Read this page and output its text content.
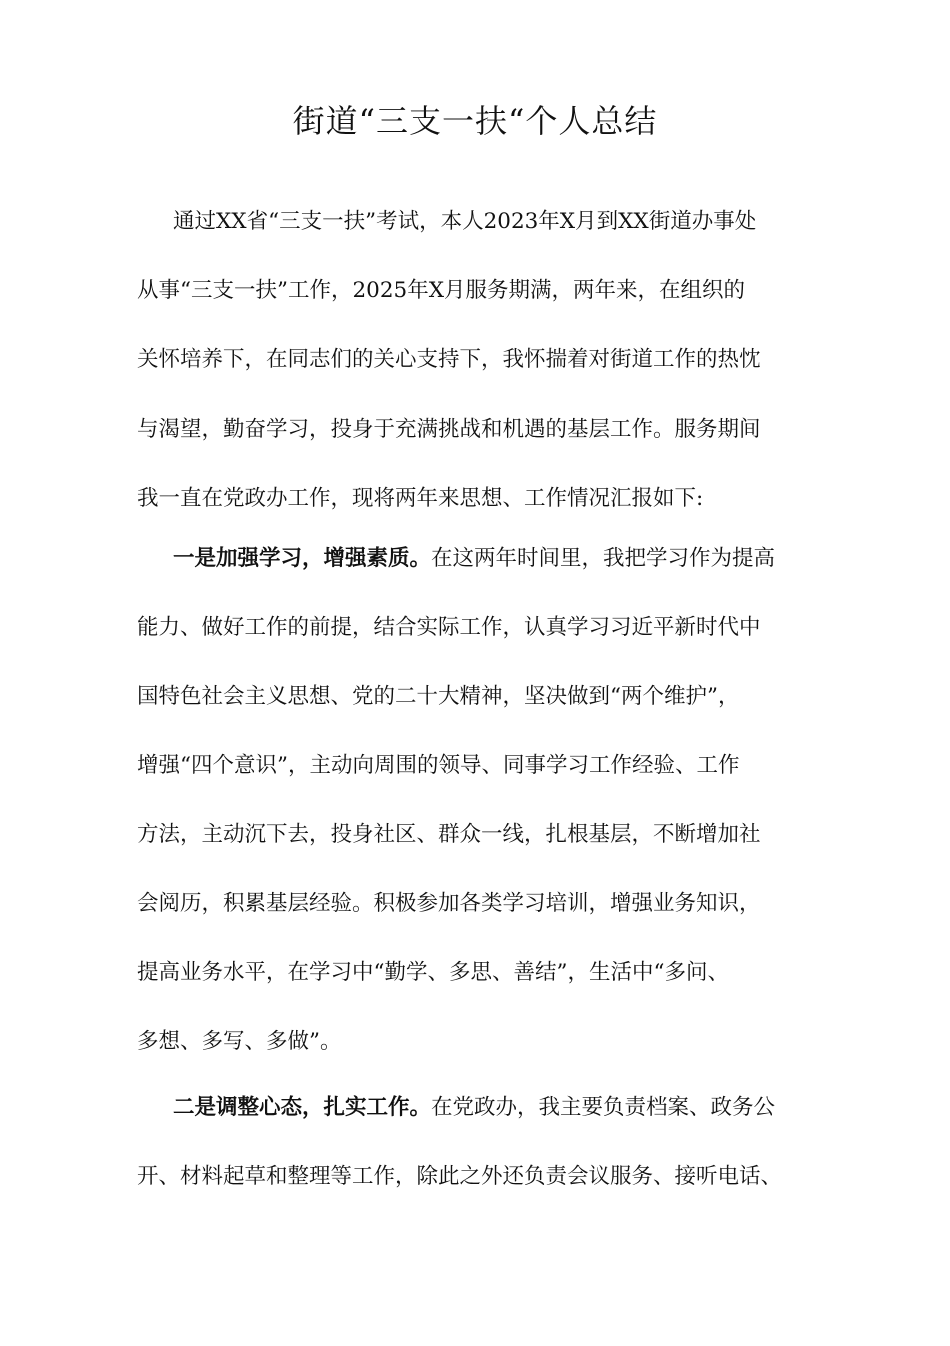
街道“三支一扶“个人总结
通过XX省“三支一扶”考试，本人2023年X月到XX街道办事处
从事“三支一扶”工作，2025年X月服务期满，两年来，在组织的
关怀培养下，在同志们的关心支持下，我怀揣着对街道工作的热忱
与渴望，勤奋学习，投身于充满挑战和机遇的基层工作。服务期间
我一直在党政办工作，现将两年来思想、工作情况汇报如下:
一是加强学习，增强素质。在这两年时间里，我把学习作为提高
能力、做好工作的前提，结合实际工作，认真学习习近平新时代中
国特色社会主义思想、党的二十大精神，坚决做到“两个维护”，
增强“四个意识”，主动向周围的领导、同事学习工作经验、工作
方法，主动沉下去，投身社区、群众一线，扎根基层，不断增加社
会阅历，积累基层经验。积极参加各类学习培训，增强业务知识，
提高业务水平，在学习中“勤学、多思、善结”，生活中“多问、
多想、多写、多做”。
二是调整心态，扎实工作。在党政办，我主要负责档案、政务公
开、材料起草和整理等工作，除此之外还负责会议服务、接听电话、
